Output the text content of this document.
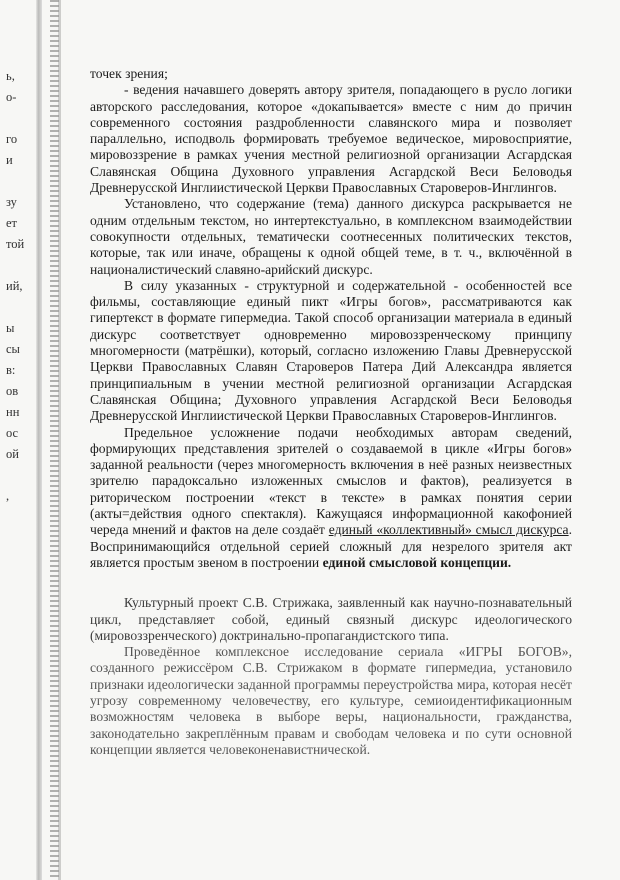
ь,
о-
го
и
зу
ет
той
ий,
ы
сы
в:
ов
нн
ос
ой
,

точек зрения;

- ведения начавшего доверять автору зрителя, попадающего в русло логики авторского расследования, которое «докапывается» вместе с ним до причин современного состояния раздробленности славянского мира и позволяет параллельно, исподволь формировать требуемое ведическое, мировосприятие, мировоззрение в рамках учения местной религиозной организации Асгардская Славянская Община Духовного управления Асгардской Веси Беловодья Древнерусской Инглиистической Церкви Православных Староверов-Инглингов.

Установлено, что содержание (тема) данного дискурса раскрывается не одним отдельным текстом, но интертекстуально, в комплексном взаимодействии совокупности отдельных, тематически соотнесенных политических текстов, которые, так или иначе, обращены к одной общей теме, в т. ч., включённой в националистический славяно-арийский дискурс.

В силу указанных - структурной и содержательной - особенностей все фильмы, составляющие единый пикт «Игры богов», рассматриваются как гипертекст в формате гипермедиа. Такой способ организации материала в единый дискурс соответствует одновременно мировоззренческому принципу многомерности (матрёшки), который, согласно изложению Главы Древнерусской Церкви Православных Славян Староверов Патера Дий Александра является принципиальным в учении местной религиозной организации Асгардская Славянская Община; Духовного управления Асгардской Веси Беловодья Древнерусской Инглиистической Церкви Православных Староверов-Инглингов.

Предельное усложнение подачи необходимых авторам сведений, формирующих представления зрителей о создаваемой в цикле «Игры богов» заданной реальности (через многомерность включения в неё разных неизвестных зрителю парадоксально изложенных смыслов и фактов), реализуется в риторическом построении «текст в тексте» в рамках понятия серии (акты=действия одного спектакля). Кажущаяся информационной какофонией череда мнений и фактов на деле создаёт единый «коллективный» смысл дискурса. Воспринимающийся отдельной серией сложный для незрелого зрителя акт является простым звеном в построении единой смысловой концепции.

Культурный проект С.В. Стрижака, заявленный как научно-познавательный цикл, представляет собой, единый связный дискурс идеологического (мировоззренческого) доктринально-пропагандистского типа.

Проведённое комплексное исследование сериала «ИГРЫ БОГОВ», созданного режиссёром С.В. Стрижаком в формате гипермедиа, установило признаки идеологически заданной программы переустройства мира, которая несёт угрозу современному человечеству, его культуре, семиоидентификационным возможностям человека в выборе веры, национальности, гражданства, законодательно закреплённым правам и свободам человека и по сути основной концепции является человеконенавистнической.
